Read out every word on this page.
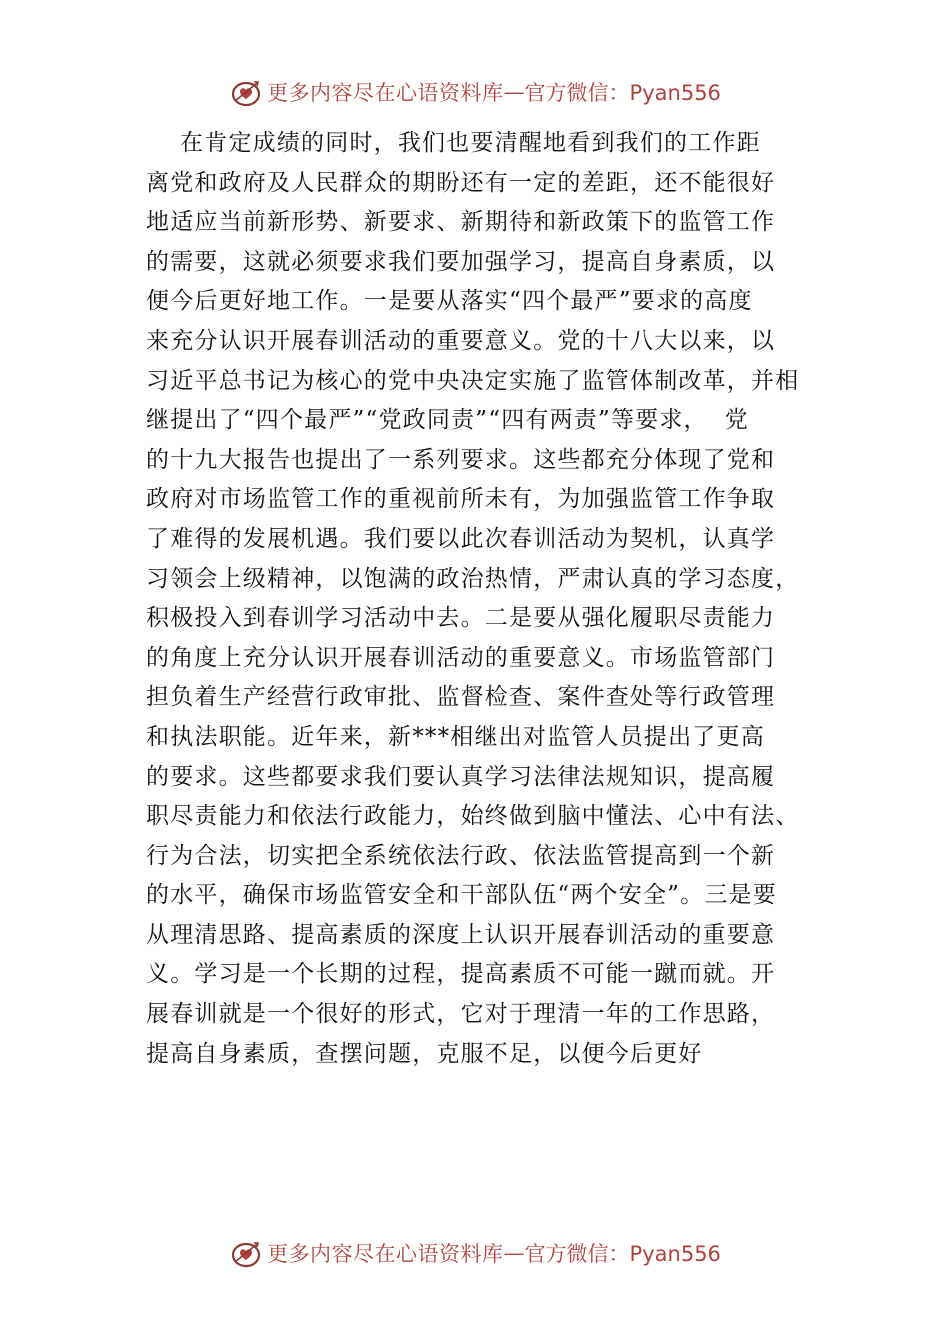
更多内容尽在心语资料库 — 官方微信：Pyan556
在肯定成绩的同时，我们也要清醒地看到我们的工作距
离党和政府及人民群众的期盼还有一定的差距，还不能很好
地适应当前新形势、新要求、新期待和新政策下的监管工作
的需要，这就必须要求我们要加强学习，提高自身素质，以
便今后更好地工作。一是要从落实“四个最严”要求的高度
来充分认识开展春训活动的重要意义。党的十八大以来，以
习近平总书记为核心的党中央决定实施了监管体制改革，并相
继提出了“四个最严”“党政同责”“四有两责”等要求，  党
的十九大报告也提出了一系列要求。这些都充分体现了党和
政府对市场监管工作的重视前所未有，为加强监管工作争取
了难得的发展机遇。我们要以此次春训活动为契机，认真学
习领会上级精神，以饱满的政治热情，严肃认真的学习态度，
积极投入到春训学习活动中去。二是要从强化履职尽责能力
的角度上充分认识开展春训活动的重要意义。市场监管部门
担负着生产经营行政审批、监督检查、案件查处等行政管理
和执法职能。近年来，新***相继出对监管人员提出了更高
的要求。这些都要求我们要认真学习法律法规知识，提高履
职尽责能力和依法行政能力，始终做到脑中懂法、心中有法、
行为合法，切实把全系统依法行政、依法监管提高到一个新
的水平，确保市场监管安全和干部队伍“两个安全”。三是要
从理清思路、提高素质的深度上认识开展春训活动的重要意
义。学习是一个长期的过程，提高素质不可能一蹴而就。开
展春训就是一个很好的形式，它对于理清一年的工作思路，
提高自身素质，查摆问题，克服不足，以便今后更好
更多内容尽在心语资料库 — 官方微信：Pyan556
